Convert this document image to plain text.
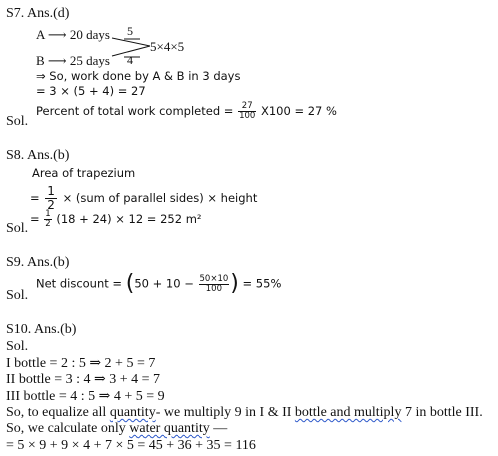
S7. Ans.(d)
A ⟶ 20 days 5
B ⟶ 25 days 4
5×4×5
⇒ So, work done by A & B in 3 days
= 3 × (5 + 4) = 27
Percent of total work completed = $\frac{27}{100} X100 = 27$ %
Sol.
S8. Ans.(b)
Area of trapezium
= $\frac{1}{2} \times (sum$ of parallel sides) × height
= $\frac{1}{2} (18 + 24) \times 12 = 252$ m²
Sol.
S9. Ans.(b)
Net discount = ($50 + 10 - \frac{50\times 10}{100}$ ) = 55%
Sol.
S10. Ans.(b)
Sol.
I bottle = 2 : 5 ⇒ 2 + 5 = 7
II bottle = 3 : 4 ⇒ 3 + 4 = 7
III bottle = 4 : 5 ⇒ 4 + 5 = 9
So, to equalize all quantity- we multiply 9 in I & II bottle and multiply 7 in bottle III.
So, we calculate only water quantity —
= 5 × 9 + 9 × 4 + 7 × 5 = 45 + 36 + 35 = 116
